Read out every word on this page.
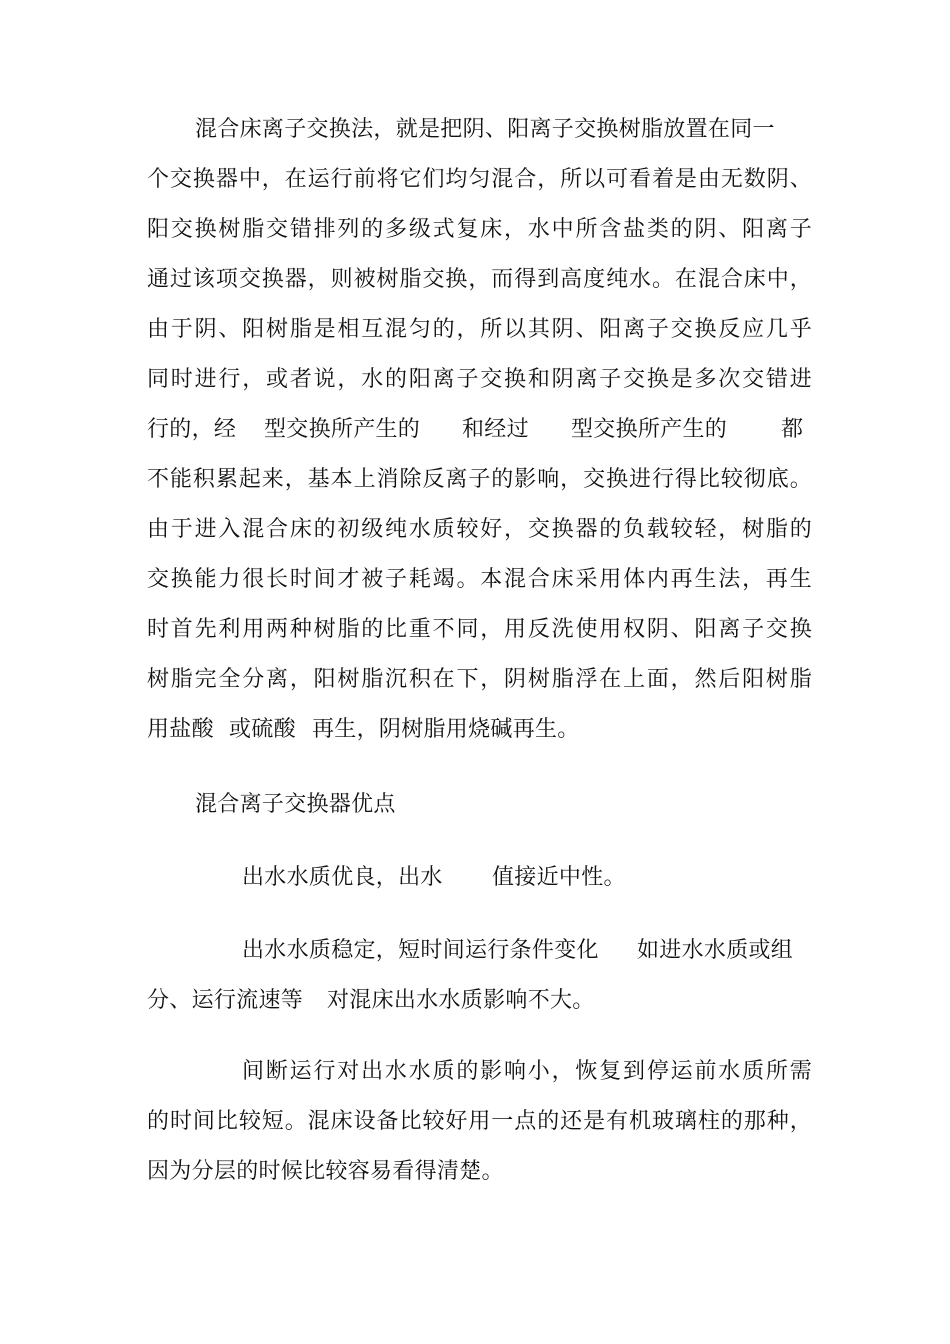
混合床离子交换法，就是把阴、阳离子交换树脂放置在同一
个交换器中，在运行前将它们均匀混合，所以可看着是由无数阴、
阳交换树脂交错排列的多级式复床，水中所含盐类的阴、阳离子
通过该项交换器，则被树脂交换，而得到高度纯水。在混合床中，
由于阴、阳树脂是相互混匀的，所以其阴、阳离子交换反应几乎
同时进行，或者说，水的阳离子交换和阴离子交换是多次交错进
行的，经 型交换所产生的 和经过 型交换所产生的 都
不能积累起来，基本上消除反离子的影响，交换进行得比较彻底。
由于进入混合床的初级纯水质较好，交换器的负载较轻，树脂的
交换能力很长时间才被子耗竭。本混合床采用体内再生法，再生
时首先利用两种树脂的比重不同，用反洗使用权阴、阳离子交换
树脂完全分离，阳树脂沉积在下，阴树脂浮在上面，然后阳树脂
用盐酸 或硫酸 再生，阴树脂用烧碱再生。
混合离子交换器优点
出水水质优良，出水 值接近中性。
出水水质稳定，短时间运行条件变化 如进水水质或组
分、运行流速等 对混床出水水质影响不大。
间断运行对出水水质的影响小，恢复到停运前水质所需
的时间比较短。混床设备比较好用一点的还是有机玻璃柱的那种，
因为分层的时候比较容易看得清楚。
